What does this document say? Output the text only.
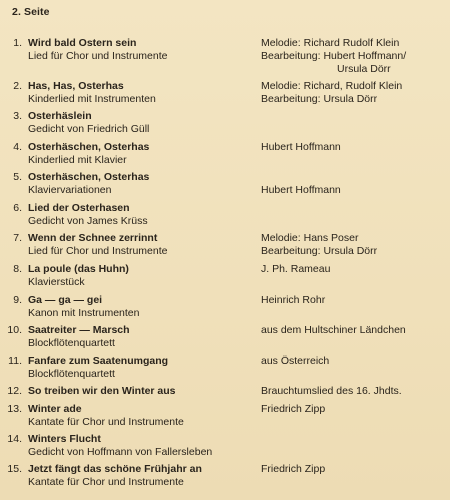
2. Seite
1. Wird bald Ostern sein
Lied für Chor und Instrumente
Melodie: Richard Rudolf Klein
Bearbeitung: Hubert Hoffmann/
Ursula Dörr
2. Has, Has, Osterhas
Kinderlied mit Instrumenten
Melodie: Richard, Rudolf Klein
Bearbeitung: Ursula Dörr
3. Osterhäslein
Gedicht von Friedrich Güll
4. Osterhäschen, Osterhas
Kinderlied mit Klavier
Hubert Hoffmann
5. Osterhäschen, Osterhas
Klaviervariationen	Hubert Hoffmann
6. Lied der Osterhasen
Gedicht von James Krüss
7. Wenn der Schnee zerrinnt
Lied für Chor und Instrumente
Melodie: Hans Poser
Bearbeitung: Ursula Dörr
8. La poule (das Huhn)
Klavierstück
J. Ph. Rameau
9. Ga — ga — gei
Kanon mit Instrumenten
Heinrich Rohr
10. Saatreiter — Marsch
Blockflötenquartett
aus dem Hultschiner Ländchen
11. Fanfare zum Saatenumgang
Blockflötenquartett
aus Österreich
12. So treiben wir den Winter aus	Brauchtumslied des 16. Jhdts.
13. Winter ade
Kantate für Chor und Instrumente
Friedrich Zipp
14. Winters Flucht
Gedicht von Hoffmann von Fallersleben
15. Jetzt fängt das schöne Frühjahr an
Kantate für Chor und Instrumente
Friedrich Zipp
